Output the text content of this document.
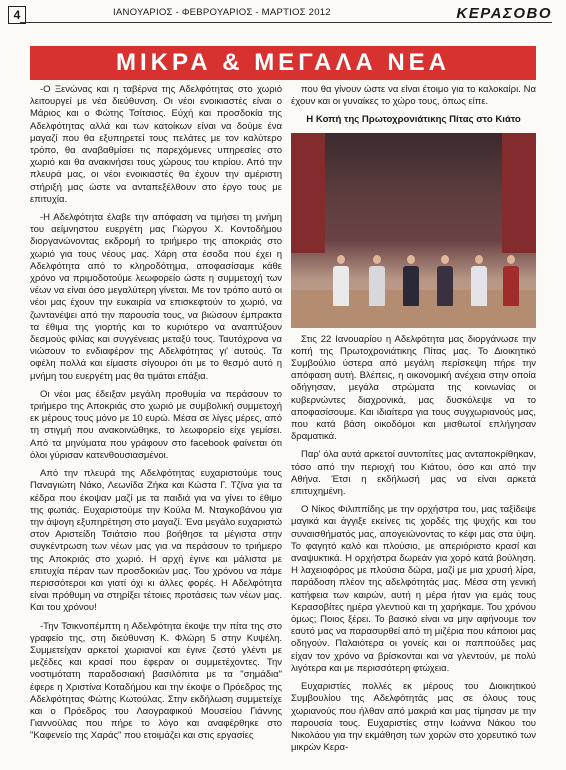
4	ΙΑΝΟΥΑΡΙΟΣ - ΦΕΒΡΟΥΑΡΙΟΣ - ΜΑΡΤΙΟΣ 2012	ΚΕΡΑΣΟΒΟ
ΜΙΚΡΑ & ΜΕΓΑΛΑ ΝΕΑ

-Ο Ξενώνας και η ταβέρνα της Αδελφότητας στο χωριό λειτουργεί με νέα διεύθυνση. Οι νέοι ενοικιαστές είναι ο Μάριος και ο Φώτης Τσίτσιος. Εύχή και προσδοκία της Αδελφότητας αλλά και των κατοίκων είναι να δούμε ένα μαγαζί που θα εξυπηρετεί τους πελάτες με τον καλύτερο τρόπο, θα αναβαθμίσει τις παρεχόμενες υπηρεσίες στο χωριό και θα ανακινήσει τους χώρους του κτιρίου. Από την πλευρά μας, οι νέοι ενοικιαστές θα έχουν την αμέριστη στήριξή μας ώστε να ανταπεξέλθουν στο έργο τους με επιτυχία.

-Η Αδελφότητα έλαβε την απόφαση να τιμήσει τη μνήμη του αείμνηστου ευεργέτη μας Γιώργου Χ. Κοντοδήμου διοργανώνοντας εκδρομή το τριήμερο της αποκριάς στο χωριό για τους νέους μας. Χάρη στα έσοδα που έχει η Αδελφότητα από το κληροδότημα, αποφασίσαμε κάθε χρόνο να πριμοδοτούμε λεωφορείο ώστε η συμμετοχή των νέων να είναι όσο μεγαλύτερη γίνεται. Με τον τρόπο αυτό οι νέοι μας έχουν την ευκαιρία να επισκεφτούν το χωριό, να ζωντανέψει από την παρουσία τους, να βιώσουν έμπρακτα τα έθιμα της γιορτής και το κυριότερο να αναπτύξουν δεσμούς φιλίας και συγγένειας μεταξύ τους. Ταυτόχρονα να νιώσουν το ενδιαφέρον της Αδελφότητας γι' αυτούς. Τα οφέλη πολλά και είμαστε σίγουροι ότι με το θεσμό αυτό η μνήμη του ευεργέτη μας θα τιμάται επάξια.

Οι νέοι μας έδειξαν μεγάλη προθυμία να περάσουν το τριήμερο της Αποκριάς στο χωριό με συμβολική συμμετοχή εκ μέρους τους μόνο με 10 ευρώ. Μέσα σε λίγες μέρες, από τη στιγμή που ανακοινώθηκε, το λεωφορείο είχε γεμίσει. Από τα μηνύματα που γράφουν στο facebook φαίνεται ότι όλοι γύρισαν κατενθουσιασμένοι.

Από την πλευρά της Αδελφότητας ευχαριστούμε τους Παναγιώτη Νάκο, Λεωνίδα Ζήκα και Κώστα Γ. Τζίνα για τα κέδρα που έκοψαν μαζί με τα παιδιά για να γίνει το έθιμο της φωτιάς. Ευχαριστούμε την Κούλα Μ. Νταγκοβάνου για την άψογη εξυπηρέτηση στο μαγαζί. Ένα μεγάλο ευχαριστώ στον Αριστείδη Τσιάτσιο που βοήθησε τα μέγιστα στην συγκέντρωση των νέων μας για να περάσουν το τριήμερο της Αποκριάς στο χωριό. Η αρχή έγινε και μάλιστα με επιτυχία πέραν των προσδοκιών μας. Του χρόνου να πάμε περισσότεροι και γιατί όχι κι άλλες φορές. Η Αδελφότητα είναι πρόθυμη να στηρίξει τέτοιες προτάσεις των νέων μας. Και του χρόνου!

-Την Τσικνοπέμπτη η Αδελφότητα έκοψε την πίτα της στο γραφείο της, στη διεύθυνση Κ. Φλώρη 5 στην Κυψέλη. Συμμετείχαν αρκετοί χωριανοί και έγινε ζεστό γλέντι με μεζέδες και κρασί που έφεραν οι συμμετέχοντες. Την νοστιμότατη παραδοσιακή βασιλόπιτα με τα "σημάδια" έφερε η Χριστίνα Κοταδήμου και την έκοψε ο Πρόεδρος της Αδελφότητας Φώτης Κωτούλας. Στην εκδήλωση συμμετείχε και ο Πρόεδρος του Λαογραφικού Μουσείου Γιάννης Γιαννούλας που πήρε το λόγο και αναφέρθηκε στο "Καφενείο της Χαράς" που ετοιμάζει και στις εργασίες

που θα γίνουν ώστε να είναι έτοιμο για το καλοκαίρι. Να έχουν και οι γυναίκες το χώρο τους, όπως είπε.

Η Κοπή της Πρωτοχρονιάτικης Πίτας στο Κιάτο

Στις 22 Ιανουαρίου η Αδελφότητα μας διοργάνωσε την κοπή της Πρωτοχρονιάτικης Πίτας μας. Το Διοικητικό Συμβούλιο ύστερα από μεγάλη περίσκεψη πήρε την απόφαση αυτή. Βλέπεις, η οικονομική ανέχεια στην οποία οδήγησαν, μεγάλα στρώματα της κοινωνίας οι κυβερνώντες διαχρονικά, μας δυσκόλεψε να το αποφασίσουμε. Και ιδιαίτερα για τους συγχωριανούς μας, που κατά βάση οικοδόμοι και μισθωτοί επλήγησαν δραματικά.

Παρ' όλα αυτά αρκετοί συντοπίτες μας ανταποκρίθηκαν, τόσο από την περιοχή του Κιάτου, όσο και από την Αθήνα. Έτσι η εκδήλωσή μας να είναι αρκετά επιτυχημένη.

Ο Νίκος Φιλιππίδης με την ορχήστρα του, μας ταξίδεψε μαγικά και άγγιξε εκείνες τις χορδές της ψυχής και του συναισθήματός μας, απογειώνοντας το κέφι μας στα ύψη. Το φαγητό καλό και πλούσιο, με απεριόριστο κρασί και αναψυκτικά. Η ορχήστρα δωρεάν για χορό κατά βούληση. Η λαχειοφόρος με πλούσια δώρα, μαζί με μια χρυσή λίρα, παράδοση πλέον της αδελφότητάς μας. Μέσα στη γενική κατήφεια των καιρών, αυτή η μέρα ήταν για εμάς τους Κερασοβίτες ημέρα γλεντιού και τη χαρήκαμε. Του χρόνου όμως; Ποιος ξέρει. Το βασικό είναι να μην αφήνουμε τον εαυτό μας να παρασυρθεί από τη μιζέρια που κάποιοι μας οδηγούν. Παλαιότερα οι γονείς και οι παππούδες μας είχαν τον χρόνο να βρίσκονται και να γλεντούν, με πολύ λιγότερα και με περισσότερη φτώχεια.

Ευχαριστίες πολλές εκ μέρους του Διοικητικού Συμβουλίου της Αδελφότητάς μας σε όλους τους χωριανούς που ήλθαν από μακριά και μας τίμησαν με την παρουσία τους. Ευχαριστίες στην Ιωάννα Νάκου του Νικολάου για την εκμάθηση των χορών στο χορευτικό των μικρών Κερα-
